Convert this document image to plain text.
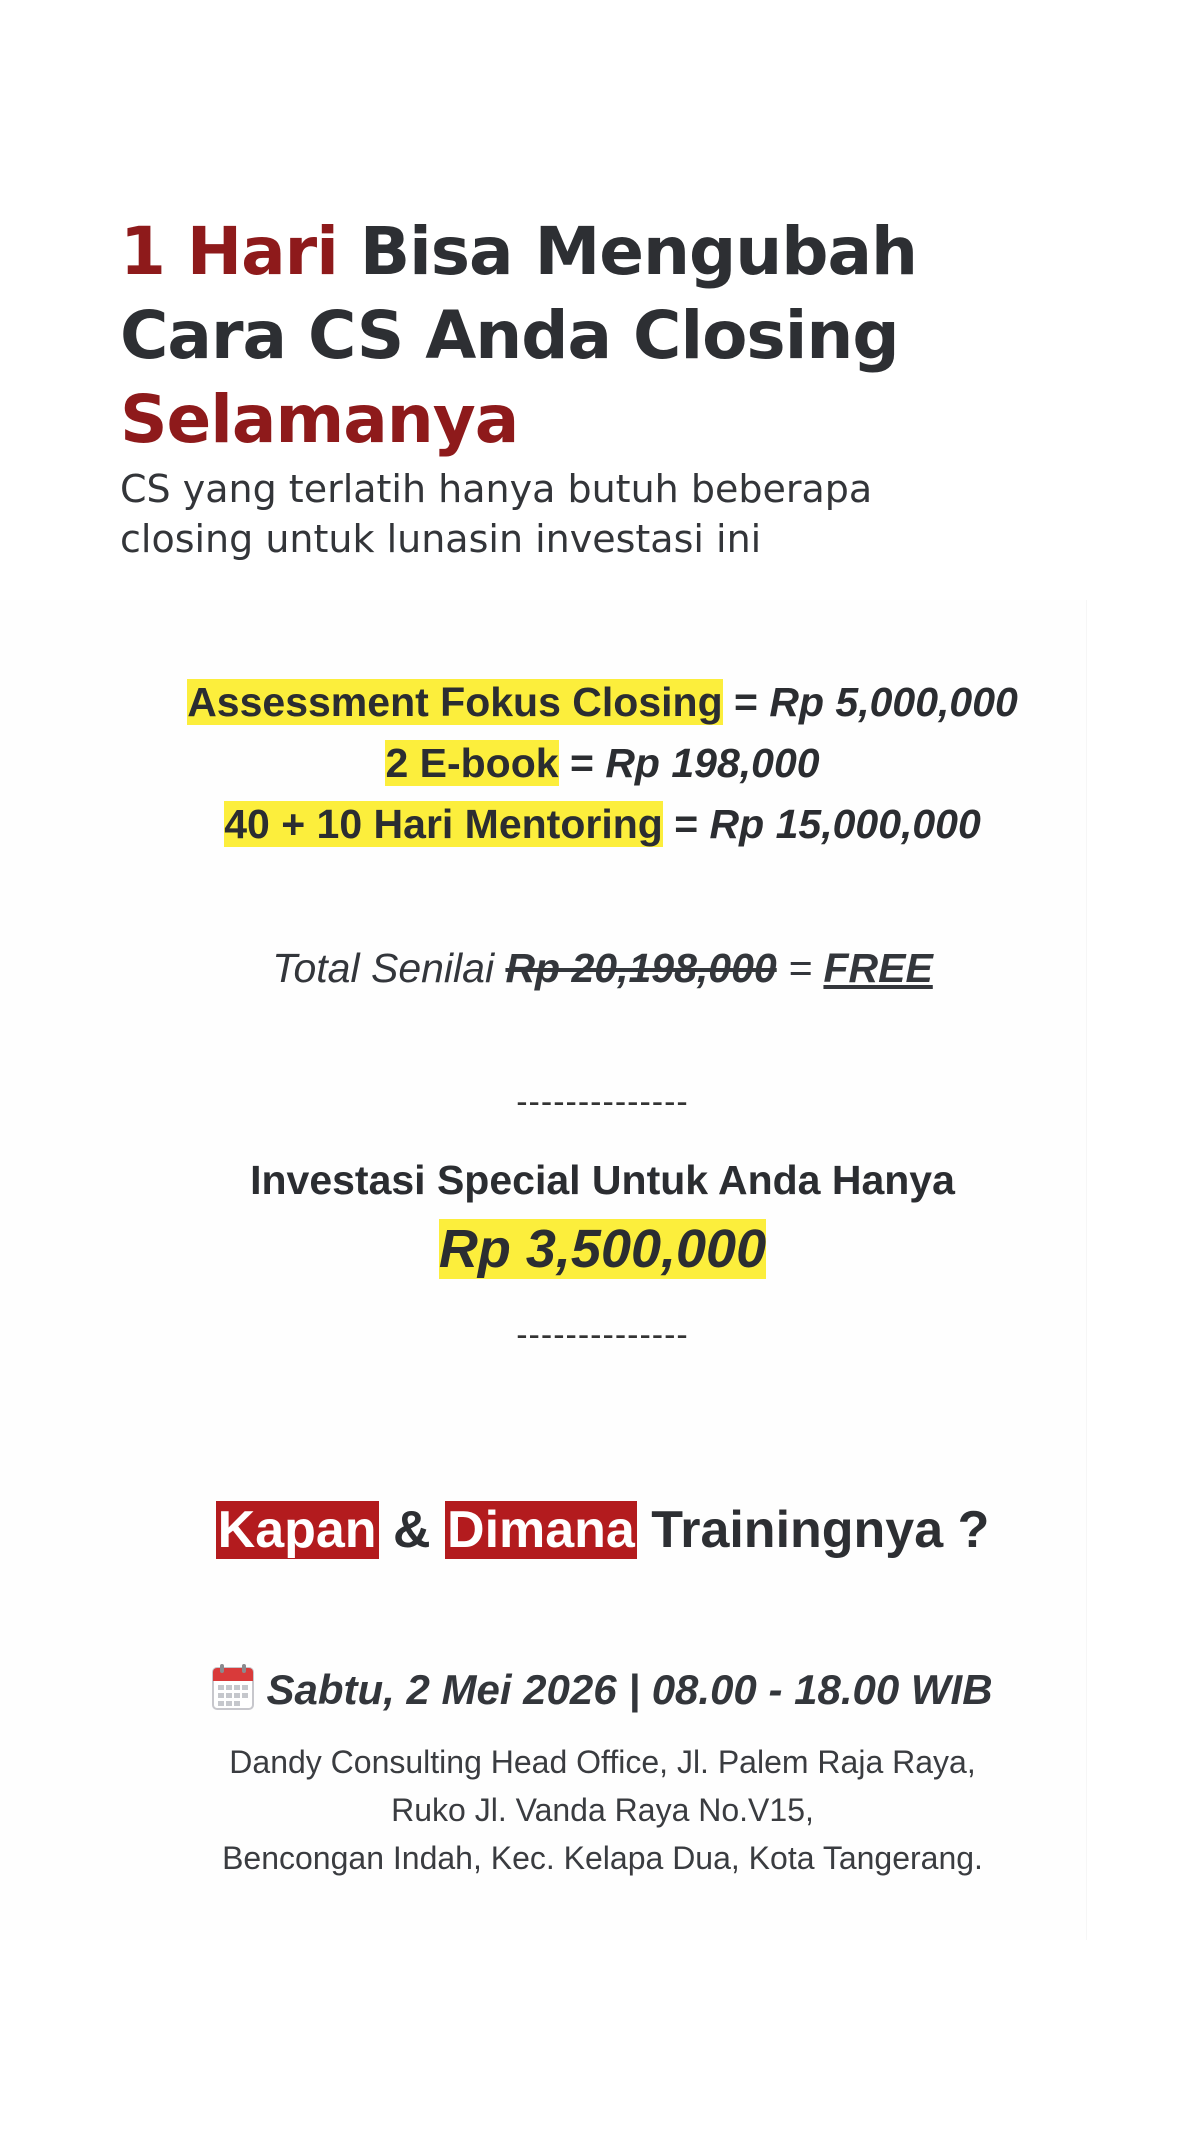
1 Hari Bisa Mengubah
Cara CS Anda Closing
Selamanya

CS yang terlatih hanya butuh beberapa
closing untuk lunasin investasi ini

Assessment Fokus Closing = Rp 5,000,000
2 E-book = Rp 198,000
40 + 10 Hari Mentoring = Rp 15,000,000
Total Senilai Rp 20,198,000 = FREE
--------------
Investasi Special Untuk Anda Hanya
Rp 3,500,000
--------------
Kapan & Dimana Trainingnya ?
Sabtu, 2 Mei 2026 | 08.00 - 18.00 WIB
Dandy Consulting Head Office, Jl. Palem Raja Raya,
Ruko Jl. Vanda Raya No.V15,
Bencongan Indah, Kec. Kelapa Dua, Kota Tangerang.
